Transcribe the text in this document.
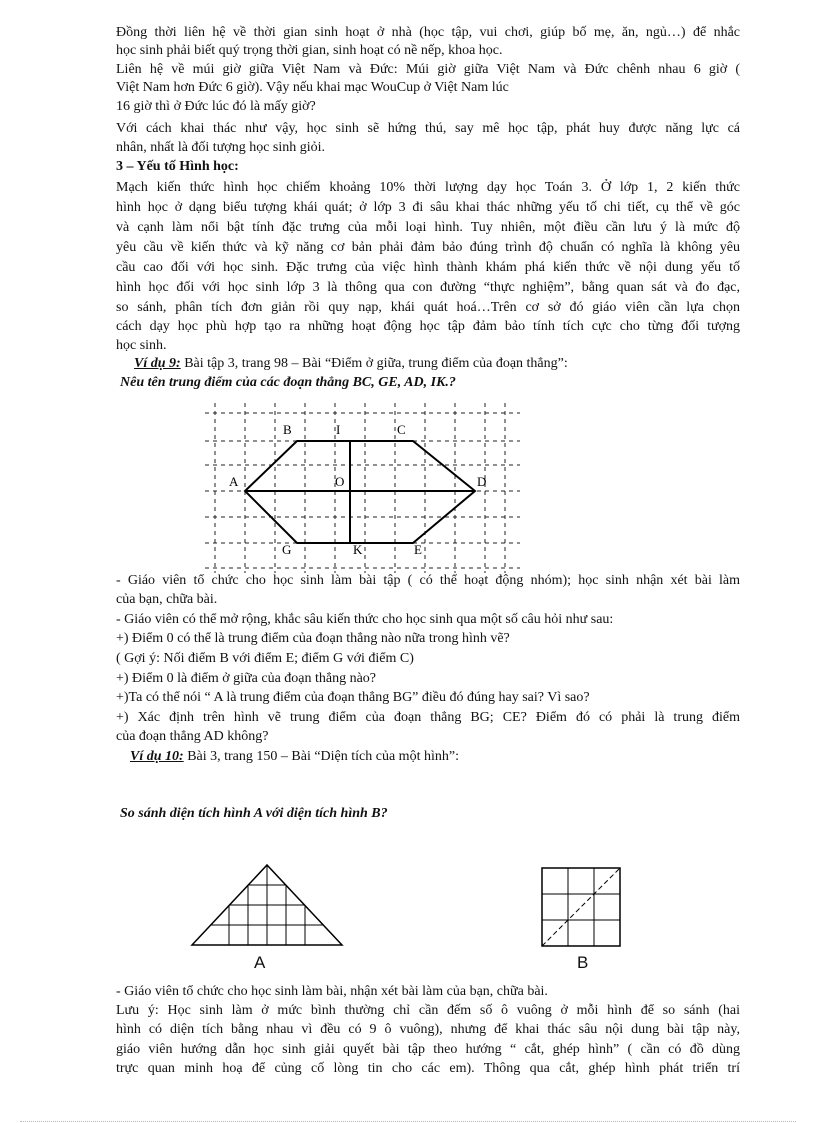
Đồng thời liên hệ về thời gian sinh hoạt ở nhà (học tập, vui chơi, giúp bố mẹ, ăn, ngủ…) để nhắc
học sinh phải biết quý trọng thời gian, sinh hoạt có nề nếp, khoa học.
Liên hệ về múi giờ giữa Việt Nam và Đức: Múi giờ giữa Việt Nam và Đức chênh nhau 6 giờ (
Việt Nam hơn Đức 6 giờ). Vậy nếu khai mạc WouCup ở Việt Nam lúc
16 giờ thì ở Đức lúc đó là mấy giờ?
Với cách khai thác như vậy, học sinh sẽ hứng thú, say mê học tập, phát huy được năng lực cá
nhân, nhất là đối tượng học sinh giỏi.
3 – Yếu tố Hình học:
Mạch kiến thức hình học chiếm khoảng 10% thời lượng dạy học Toán 3. Ở lớp 1, 2 kiến thức
hình học ở dạng biểu tượng khái quát; ở lớp 3 đi sâu khai thác những yếu tố chi tiết, cụ thể về góc
và cạnh làm nổi bật tính đặc trưng của mỗi loại hình. Tuy nhiên, một điều cần lưu ý là mức độ
yêu cầu về kiến thức và kỹ năng cơ bản phải đảm bảo đúng trình độ chuẩn có nghĩa là không yêu
cầu cao đối với học sinh. Đặc trưng của việc hình thành khám phá kiến thức về nội dung yếu tố
hình học đối với học sinh lớp 3 là thông qua con đường “thực nghiệm”, bằng quan sát và đo đạc,
so sánh, phân tích đơn giản rồi quy nạp, khái quát hoá…Trên cơ sở đó giáo viên cần lựa chọn
cách dạy học phù hợp tạo ra những hoạt động học tập đảm bảo tính tích cực cho từng đối tượng
học sinh.
Ví dụ 9: Bài tập 3, trang 98 – Bài “Điểm ở giữa, trung điểm của đoạn thẳng”:
Nêu tên trung điểm của các đoạn thẳng BC, GE, AD, IK.?
A
B	I	C
O	D
G	K	E
- Giáo viên tổ chức cho học sinh làm bài tập ( có thể hoạt động nhóm); học sinh nhận xét bài làm
của bạn, chữa bài.
- Giáo viên có thể mở rộng, khắc sâu kiến thức cho học sinh qua một số câu hỏi như sau:
+) Điểm 0 có thể là trung điểm của đoạn thẳng nào nữa trong hình vẽ?
( Gợi ý: Nối điểm B với điểm E; điểm G với điểm C)
+) Điểm 0 là điểm ở giữa của đoạn thẳng nào?
+)Ta có thể nói “ A là trung điểm của đoạn thẳng BG” điều đó đúng hay sai? Vì sao?
+) Xác định trên hình vẽ trung điểm của đoạn thẳng BG; CE? Điểm đó có phải là trung điểm
của đoạn thẳng AD không?
Ví dụ 10: Bài 3, trang 150 – Bài “Diện tích của một hình”:
So sánh diện tích hình A với diện tích hình B?
A	B
- Giáo viên tổ chức cho học sinh làm bài, nhận xét bài làm của bạn, chữa bài.
Lưu ý: Học sinh làm ở mức bình thường chỉ cần đếm số ô vuông ở mỗi hình để so sánh (hai
hình có diện tích bằng nhau vì đều có 9 ô vuông), nhưng để khai thác sâu nội dung bài tập này,
giáo viên hướng dẫn học sinh giải quyết bài tập theo hướng “ cắt, ghép hình” ( cần có đồ dùng
trực quan minh hoạ để củng cố lòng tin cho các em). Thông qua cắt, ghép hình phát triển trí
